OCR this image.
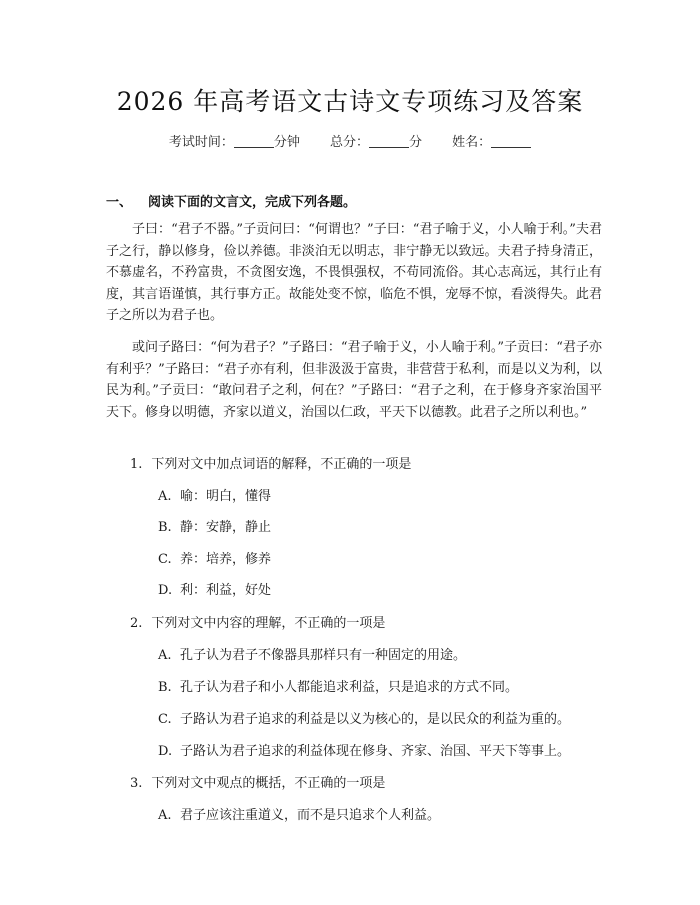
2026 年高考语文古诗文专项练习及答案
考试时间：	分钟 总分：	分 姓名：
一、 阅读下面的文言文，完成下列各题。
子曰：“君子不器。”子贡问曰：“何谓也？”子曰：“君子喻于义，小人喻于利。”夫君子之行，静以修身，俭以养德。非淡泊无以明志，非宁静无以致远。夫君子持身清正，不慕虚名，不矜富贵，不贪图安逸，不畏惧强权，不苟同流俗。其心志高远，其行止有度，其言语谨慎，其行事方正。故能处变不惊，临危不惧，宠辱不惊，看淡得失。此君子之所以为君子也。
或问子路曰：“何为君子？”子路曰：“君子喻于义，小人喻于利。”子贡曰：“君子亦有利乎？”子路曰：“君子亦有利，但非汲汲于富贵，非营营于私利，而是以义为利，以民为利。”子贡曰：“敢问君子之利，何在？”子路曰：“君子之利，在于修身齐家治国平天下。修身以明德，齐家以道义，治国以仁政，平天下以德教。此君子之所以利也。”
1. 下列对文中加点词语的解释，不正确的一项是
A. 喻：明白，懂得
B. 静：安静，静止
C. 养：培养，修养
D. 利：利益，好处
2. 下列对文中内容的理解，不正确的一项是
A. 孔子认为君子不像器具那样只有一种固定的用途。
B. 孔子认为君子和小人都能追求利益，只是追求的方式不同。
C. 子路认为君子追求的利益是以义为核心的，是以民众的利益为重的。
D. 子路认为君子追求的利益体现在修身、齐家、治国、平天下等事上。
3. 下列对文中观点的概括，不正确的一项是
A. 君子应该注重道义，而不是只追求个人利益。
